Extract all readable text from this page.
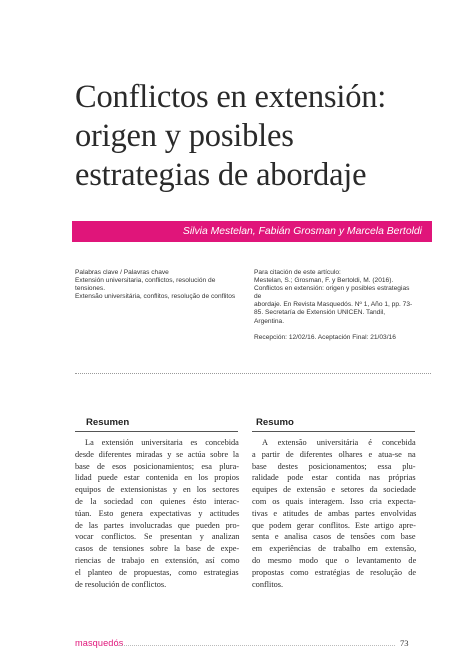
Conflictos en extensión:
origen y posibles
estrategias de abordaje
Silvia Mestelan, Fabián Grosman y Marcela Bertoldi
Palabras clave / Palavras chave
Extensión universitaria, conflictos, resolución de
tensiones.
Extensão universitária, conflitos, resolução de conflitos
Para citación de este artículo:
Mestelan, S.; Grosman, F. y Bertoldi, M. (2016).
Conflictos en extensión: origen y posibles estrategias de
abordaje. En Revista Masquedós. Nº 1, Año 1, pp. 73-
85. Secretaría de Extensión UNICEN. Tandil, Argentina.
Recepción: 12/02/16. Aceptación Final: 21/03/16
Resumen
La extensión universitaria es concebida
desde diferentes miradas y se actúa sobre la
base de esos posicionamientos; esa plura-
lidad puede estar contenida en los propios
equipos de extensionistas y en los sectores
de la sociedad con quienes ésto interac-
túan. Esto genera expectativas y actitudes
de las partes involucradas que pueden pro-
vocar conflictos. Se presentan y analizan
casos de tensiones sobre la base de expe-
riencias de trabajo en extensión, así como
el planteo de propuestas, como estrategias
de resolución de conflictos.
Resumo
A extensão universitária é concebida
a partir de diferentes olhares e atua-se na
base destes posicionamentos; essa plu-
ralidade pode estar contida nas próprias
equipes de extensão e setores da sociedade
com os quais interagem. Isso cria expecta-
tivas e atitudes de ambas partes envolvidas
que podem gerar conflitos. Este artigo apre-
senta e analisa casos de tensões com base
em experiências de trabalho em extensão,
do mesmo modo que o levantamento de
propostas como estratégias de resolução de
conflitos.
masquedós	73
